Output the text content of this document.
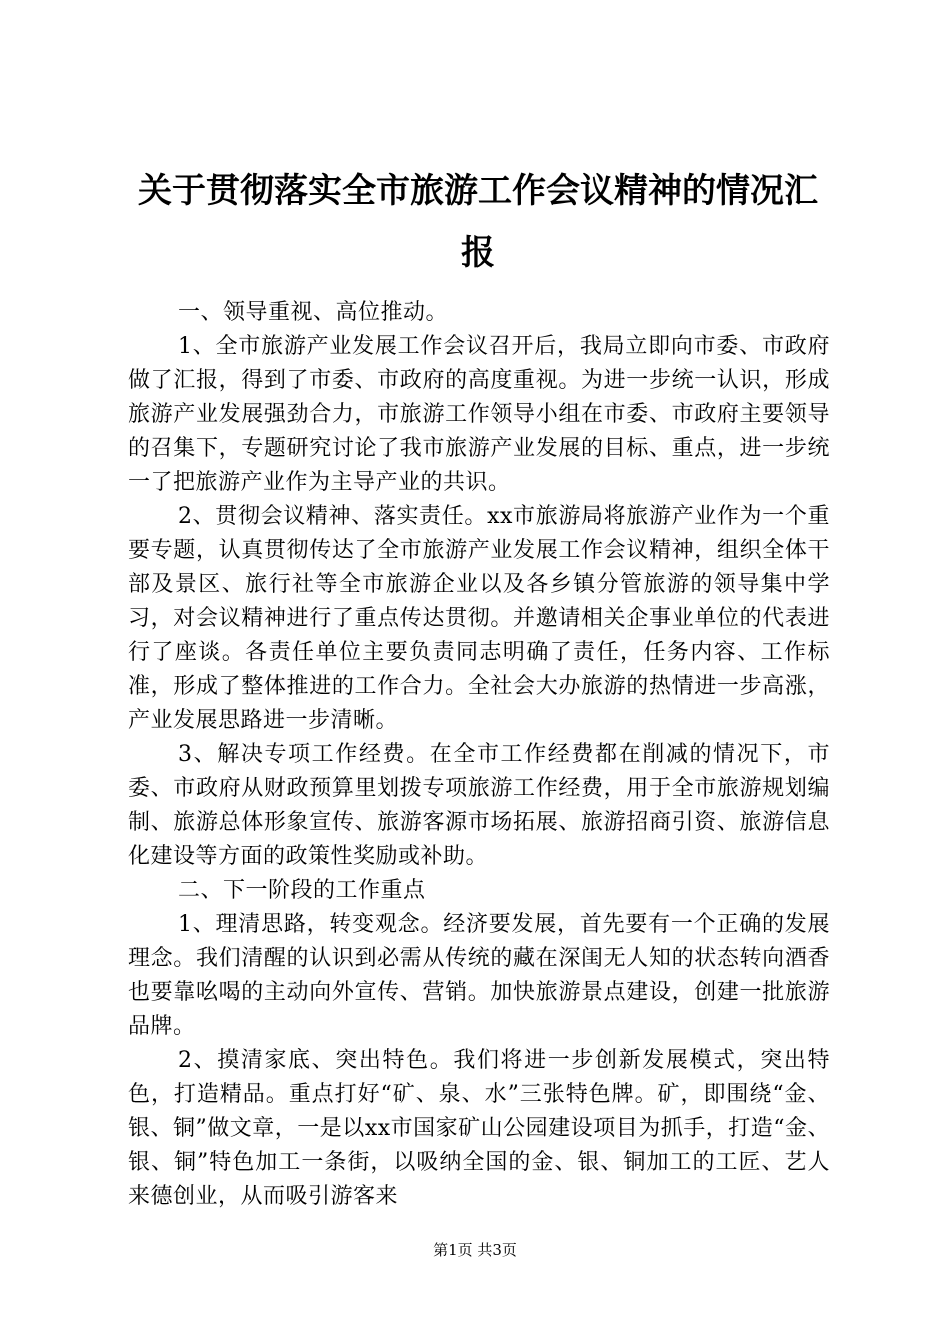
关于贯彻落实全市旅游工作会议精神的情况汇报

一、领导重视、高位推动。

1、全市旅游产业发展工作会议召开后，我局立即向市委、市政府做了汇报，得到了市委、市政府的高度重视。为进一步统一认识，形成旅游产业发展强劲合力，市旅游工作领导小组在市委、市政府主要领导的召集下，专题研究讨论了我市旅游产业发展的目标、重点，进一步统一了把旅游产业作为主导产业的共识。

2、贯彻会议精神、落实责任。xx市旅游局将旅游产业作为一个重要专题，认真贯彻传达了全市旅游产业发展工作会议精神，组织全体干部及景区、旅行社等全市旅游企业以及各乡镇分管旅游的领导集中学习，对会议精神进行了重点传达贯彻。并邀请相关企事业单位的代表进行了座谈。各责任单位主要负责同志明确了责任，任务内容、工作标准，形成了整体推进的工作合力。全社会大办旅游的热情进一步高涨，产业发展思路进一步清晰。

3、解决专项工作经费。在全市工作经费都在削减的情况下，市委、市政府从财政预算里划拨专项旅游工作经费，用于全市旅游规划编制、旅游总体形象宣传、旅游客源市场拓展、旅游招商引资、旅游信息化建设等方面的政策性奖励或补助。

二、下一阶段的工作重点

1、理清思路，转变观念。经济要发展，首先要有一个正确的发展理念。我们清醒的认识到必需从传统的藏在深闺无人知的状态转向酒香也要靠吆喝的主动向外宣传、营销。加快旅游景点建设，创建一批旅游品牌。

2、摸清家底、突出特色。我们将进一步创新发展模式，突出特色，打造精品。重点打好“矿、泉、水”三张特色牌。矿，即围绕“金、银、铜”做文章，一是以xx市国家矿山公园建设项目为抓手，打造“金、银、铜”特色加工一条街，以吸纳全国的金、银、铜加工的工匠、艺人来德创业，从而吸引游客来

第1页 共3页
